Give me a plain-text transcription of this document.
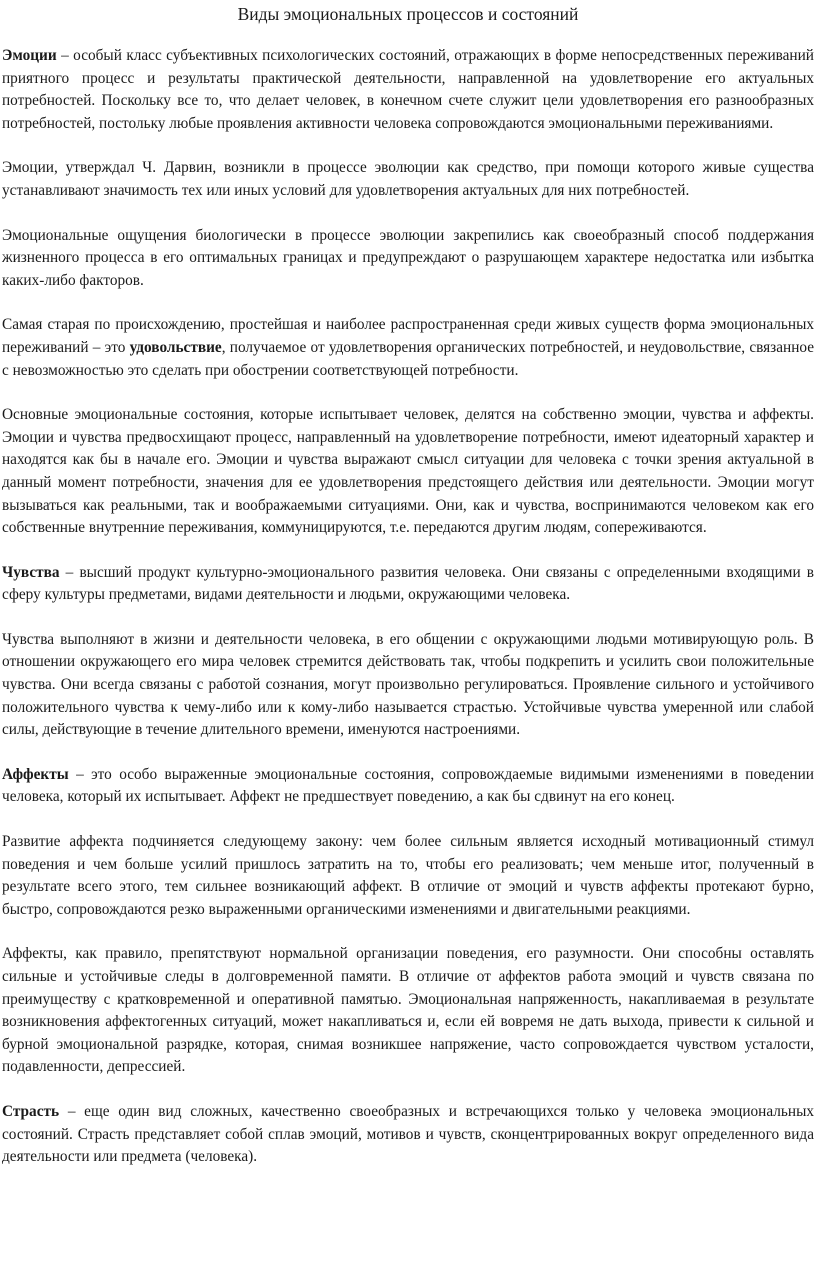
Виды эмоциональных процессов и состояний

Эмоции – особый класс субъективных психологических состояний, отражающих в форме непосредственных переживаний приятного процесс и результаты практической деятельности, направленной на удовлетворение его актуальных потребностей. Поскольку все то, что делает человек, в конечном счете служит цели удовлетворения его разнообразных потребностей, постольку любые проявления активности человека сопровождаются эмоциональными переживаниями.

Эмоции, утверждал Ч. Дарвин, возникли в процессе эволюции как средство, при помощи которого живые существа устанавливают значимость тех или иных условий для удовлетворения актуальных для них потребностей.

Эмоциональные ощущения биологически в процессе эволюции закрепились как своеобразный способ поддержания жизненного процесса в его оптимальных границах и предупреждают о разрушающем характере недостатка или избытка каких-либо факторов.

Самая старая по происхождению, простейшая и наиболее распространенная среди живых существ форма эмоциональных переживаний – это удовольствие, получаемое от удовлетворения органических потребностей, и неудовольствие, связанное с невозможностью это сделать при обострении соответствующей потребности.

Основные эмоциональные состояния, которые испытывает человек, делятся на собственно эмоции, чувства и аффекты. Эмоции и чувства предвосхищают процесс, направленный на удовлетворение потребности, имеют идеаторный характер и находятся как бы в начале его. Эмоции и чувства выражают смысл ситуации для человека с точки зрения актуальной в данный момент потребности, значения для ее удовлетворения предстоящего действия или деятельности. Эмоции могут вызываться как реальными, так и воображаемыми ситуациями. Они, как и чувства, воспринимаются человеком как его собственные внутренние переживания, коммуницируются, т.е. передаются другим людям, сопереживаются.

Чувства – высший продукт культурно-эмоционального развития человека. Они связаны с определенными входящими в сферу культуры предметами, видами деятельности и людьми, окружающими человека.

Чувства выполняют в жизни и деятельности человека, в его общении с окружающими людьми мотивирующую роль. В отношении окружающего его мира человек стремится действовать так, чтобы подкрепить и усилить свои положительные чувства. Они всегда связаны с работой сознания, могут произвольно регулироваться. Проявление сильного и устойчивого положительного чувства к чему-либо или к кому-либо называется страстью. Устойчивые чувства умеренной или слабой силы, действующие в течение длительного времени, именуются настроениями.

Аффекты – это особо выраженные эмоциональные состояния, сопровождаемые видимыми изменениями в поведении человека, который их испытывает. Аффект не предшествует поведению, а как бы сдвинут на его конец.

Развитие аффекта подчиняется следующему закону: чем более сильным является исходный мотивационный стимул поведения и чем больше усилий пришлось затратить на то, чтобы его реализовать; чем меньше итог, полученный в результате всего этого, тем сильнее возникающий аффект. В отличие от эмоций и чувств аффекты протекают бурно, быстро, сопровождаются резко выраженными органическими изменениями и двигательными реакциями.

Аффекты, как правило, препятствуют нормальной организации поведения, его разумности. Они способны оставлять сильные и устойчивые следы в долговременной памяти. В отличие от аффектов работа эмоций и чувств связана по преимуществу с кратковременной и оперативной памятью. Эмоциональная напряженность, накапливаемая в результате возникновения аффектогенных ситуаций, может накапливаться и, если ей вовремя не дать выхода, привести к сильной и бурной эмоциональной разрядке, которая, снимая возникшее напряжение, часто сопровождается чувством усталости, подавленности, депрессией.

Страсть – еще один вид сложных, качественно своеобразных и встречающихся только у человека эмоциональных состояний. Страсть представляет собой сплав эмоций, мотивов и чувств, сконцентрированных вокруг определенного вида деятельности или предмета (человека).
